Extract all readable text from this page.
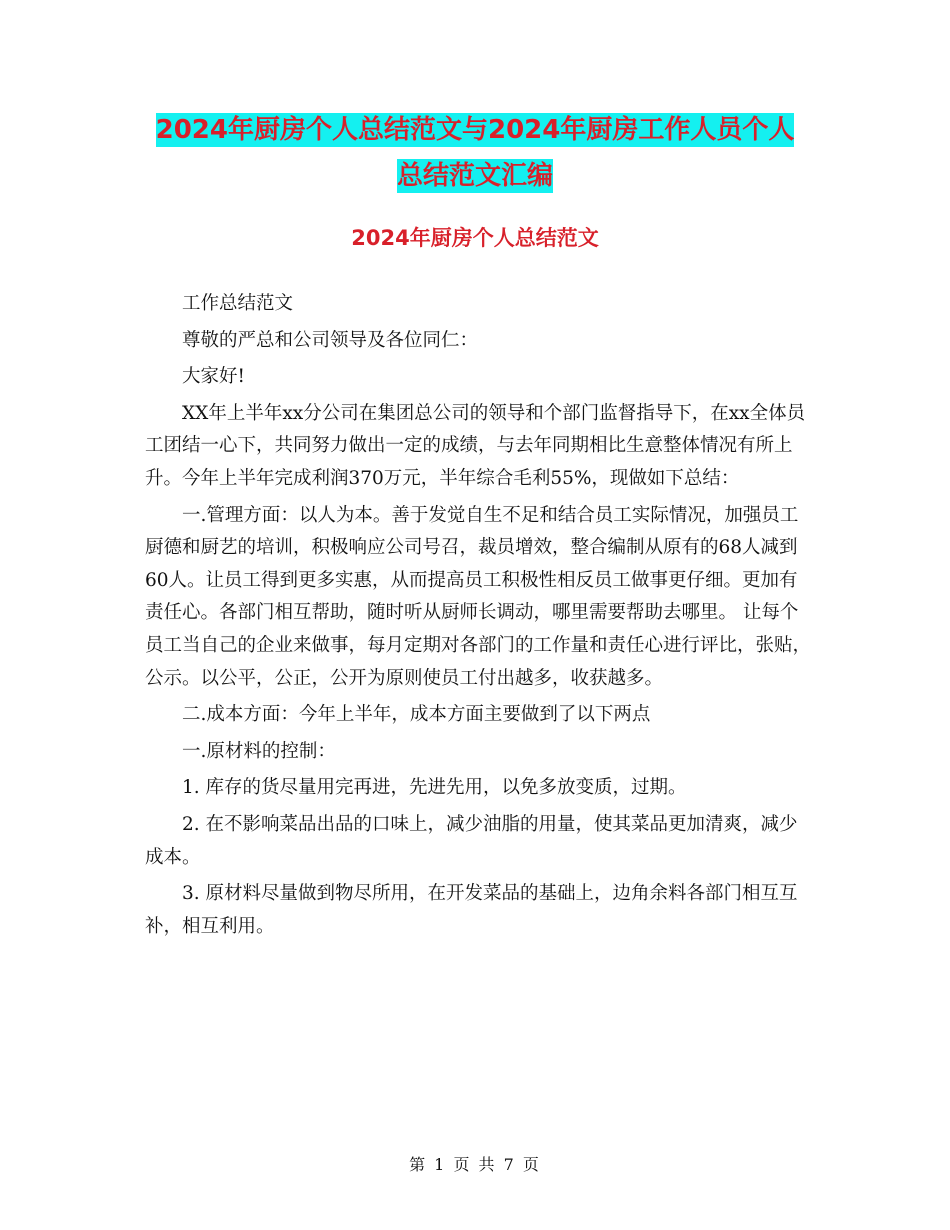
2024年厨房个人总结范文与2024年厨房工作人员个人
总结范文汇编
2024年厨房个人总结范文

工作总结范文

尊敬的严总和公司领导及各位同仁：

大家好!

XX年上半年xx分公司在集团总公司的领导和个部门监督指导下，在xx全体员工团结一心下，共同努力做出一定的成绩，与去年同期相比生意整体情况有所上升。今年上半年完成利润370万元，半年综合毛利55%，现做如下总结：

一.管理方面：以人为本。善于发觉自生不足和结合员工实际情况，加强员工厨德和厨艺的培训，积极响应公司号召，裁员增效，整合编制从原有的68人减到60人。让员工得到更多实惠，从而提高员工积极性相反员工做事更仔细。更加有责任心。各部门相互帮助，随时听从厨师长调动，哪里需要帮助去哪里。 让每个员工当自己的企业来做事，每月定期对各部门的工作量和责任心进行评比，张贴，公示。以公平，公正，公开为原则使员工付出越多，收获越多。

二.成本方面：今年上半年，成本方面主要做到了以下两点

一.原材料的控制：

1. 库存的货尽量用完再进，先进先用，以免多放变质，过期。

2. 在不影响菜品出品的口味上，减少油脂的用量，使其菜品更加清爽，减少成本。

3. 原材料尽量做到物尽所用，在开发菜品的基础上，边角余料各部门相互互补，相互利用。

第 1 页 共 7 页
